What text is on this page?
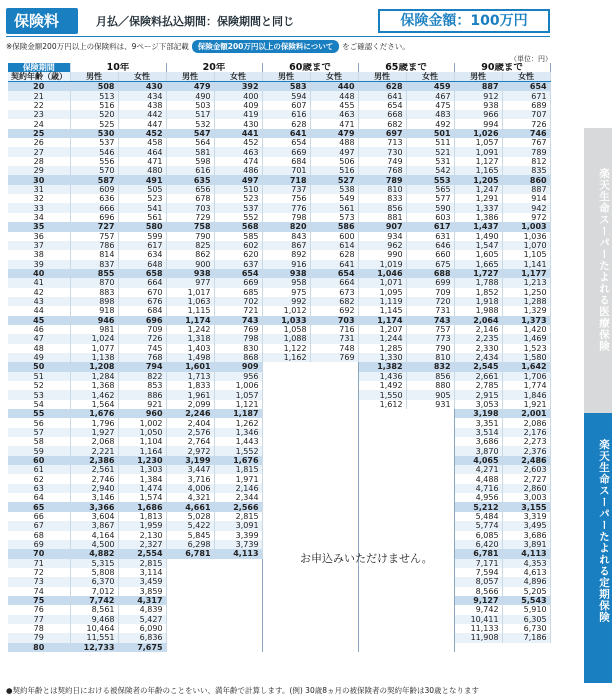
保険料	月払／保険料払込期間：保険期間と同じ	保険金額：100万円
※保険金額200万円以上の保険料は、9ページ下部記載 保険金額200万円以上の保険料について をご確認ください。
（単位：円）
保険期間	10年		20年		60歳まで		65歳まで		90歳まで	
契約年齢（歳）	男性	女性	男性	女性	男性	女性	男性	女性	男性	女性
20	508	430	479	392	583	440	628	459	887	654
21	513	434	490	400	594	448	641	467	912	671
22	516	438	503	409	607	455	654	475	938	689
23	520	442	517	419	616	463	668	483	966	707
24	525	447	532	430	628	471	682	492	994	726
25	530	452	547	441	641	479	697	501	1,026	746
26	537	458	564	452	654	488	713	511	1,057	767
27	546	464	581	463	669	497	730	521	1,091	789
28	556	471	598	474	684	506	749	531	1,127	812
29	570	480	616	486	701	516	768	542	1,165	835
30	587	491	635	497	718	527	789	553	1,205	860
31	609	505	656	510	737	538	810	565	1,247	887
32	636	523	678	523	756	549	833	577	1,291	914
33	666	541	703	537	776	561	856	590	1,337	942
34	696	561	729	552	798	573	881	603	1,386	972
35	727	580	758	568	820	586	907	617	1,437	1,003
36	757	599	790	585	843	600	934	631	1,490	1,036
37	786	617	825	602	867	614	962	646	1,547	1,070
38	814	634	862	620	892	628	990	660	1,605	1,105
39	837	648	900	637	916	641	1,019	675	1,665	1,141
40	855	658	938	654	938	654	1,046	688	1,727	1,177
41	870	664	977	669	958	664	1,071	699	1,788	1,213
42	883	670	1,017	685	975	673	1,095	709	1,852	1,250
43	898	676	1,063	702	992	682	1,119	720	1,918	1,288
44	918	684	1,115	721	1,012	692	1,145	731	1,988	1,329
45	946	696	1,174	743	1,033	703	1,174	743	2,064	1,373
46	981	709	1,242	769	1,058	716	1,207	757	2,146	1,420
47	1,024	726	1,318	798	1,088	731	1,244	773	2,235	1,469
48	1,077	745	1,403	830	1,122	748	1,285	790	2,330	1,523
49	1,138	768	1,498	868	1,162	769	1,330	810	2,434	1,580
50	1,208	794	1,601	909			1,382	832	2,545	1,642
51	1,284	822	1,713	956			1,436	856	2,661	1,706
52	1,368	853	1,833	1,006			1,492	880	2,785	1,774
53	1,462	886	1,961	1,057			1,550	905	2,915	1,846
54	1,564	921	2,099	1,121			1,612	931	3,053	1,921
55	1,676	960	2,246	1,187					3,198	2,001
56	1,796	1,002	2,404	1,262					3,351	2,086
57	1,927	1,050	2,576	1,346					3,514	2,176
58	2,068	1,104	2,764	1,443					3,686	2,273
59	2,221	1,164	2,972	1,552					3,870	2,376
60	2,386	1,230	3,199	1,676					4,065	2,486
61	2,561	1,303	3,447	1,815					4,271	2,603
62	2,746	1,384	3,716	1,971					4,488	2,727
63	2,940	1,474	4,006	2,146					4,716	2,860
64	3,146	1,574	4,321	2,344					4,956	3,003
65	3,366	1,686	4,661	2,566					5,212	3,155
66	3,604	1,813	5,028	2,815					5,484	3,319
67	3,867	1,959	5,422	3,091					5,774	3,495
68	4,164	2,130	5,845	3,399					6,085	3,686
69	4,500	2,327	6,298	3,739					6,420	3,891
70	4,882	2,554	6,781	4,113					6,781	4,113
71	5,315	2,815							7,171	4,353
72	5,808	3,114							7,594	4,613
73	6,370	3,459							8,057	4,896
74	7,012	3,859							8,566	5,205
75	7,742	4,317							9,127	5,543
76	8,561	4,839							9,742	5,910
77	9,468	5,427							10,411	6,305
78	10,464	6,090							11,133	6,730
79	11,551	6,836							11,908	7,186
80	12,733	7,675								
お申込みいただけません。
●契約年齢とは契約日における被保険者の年齢のことをいい、満年齢で計算します。(例) 30歳8ヵ月の被保険者の契約年齢は30歳となります
楽天生命スーパーたよれる医療保険
楽天生命スーパーたよれる定期保険
